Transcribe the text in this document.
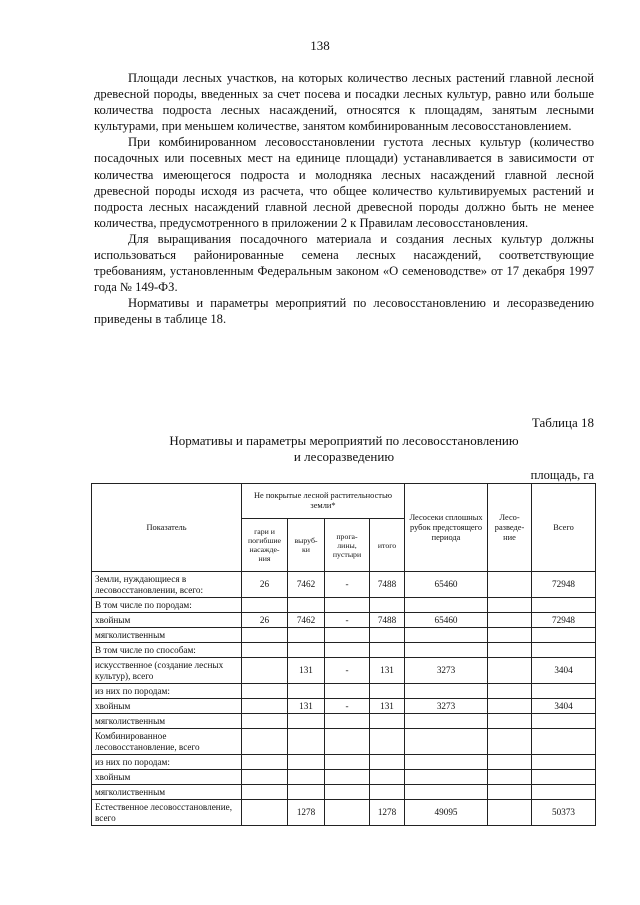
138

Площади лесных участков, на которых количество лесных растений главной лесной древесной породы, введенных за счет посева и посадки лесных культур, равно или больше количества подроста лесных насаждений, относятся к площадям, занятым лесными культурами, при меньшем количестве, занятом комбинированным лесовосстановлением.

При комбинированном лесовосстановлении густота лесных культур (количество посадочных или посевных мест на единице площади) устанавливается в зависимости от количества имеющегося подроста и молодняка лесных насаждений главной лесной древесной породы исходя из расчета, что общее количество культивируемых растений и подроста лесных насаждений главной лесной древесной породы должно быть не менее количества, предусмотренного в приложении 2 к Правилам лесовосстановления.

Для выращивания посадочного материала и создания лесных культур должны использоваться районированные семена лесных насаждений, соответствующие требованиям, установленным Федеральным законом «О семеноводстве» от 17 декабря 1997 года № 149-ФЗ.

Нормативы и параметры мероприятий по лесовосстановлению и лесоразведению приведены в таблице 18.

Таблица 18
Нормативы и параметры мероприятий по лесовосстановлению
и лесоразведению
площадь, га
Показатель	Не покрытые лесной растительностью земли*				Лесосеки сплошных рубок предстоящего периода	Лесо-разведе-ние	Всего
	гари и погибшие насажде-ния	выруб-ки	прога-лины, пустыри	итого			
Земли, нуждающиеся в лесовосстановлении, всего:	26	7462	-	7488	65460		72948
В том числе по породам:							
хвойным	26	7462	-	7488	65460		72948
мягколиственным							
В том числе по способам:							
искусственное (создание лесных культур), всего		131	-	131	3273		3404
из них по породам:							
хвойным		131	-	131	3273		3404
мягколиственным							
Комбинированное лесовосстановление, всего							
из них по породам:							
хвойным							
мягколиственным							
Естественное лесовосстановление, всего		1278		1278	49095		50373
